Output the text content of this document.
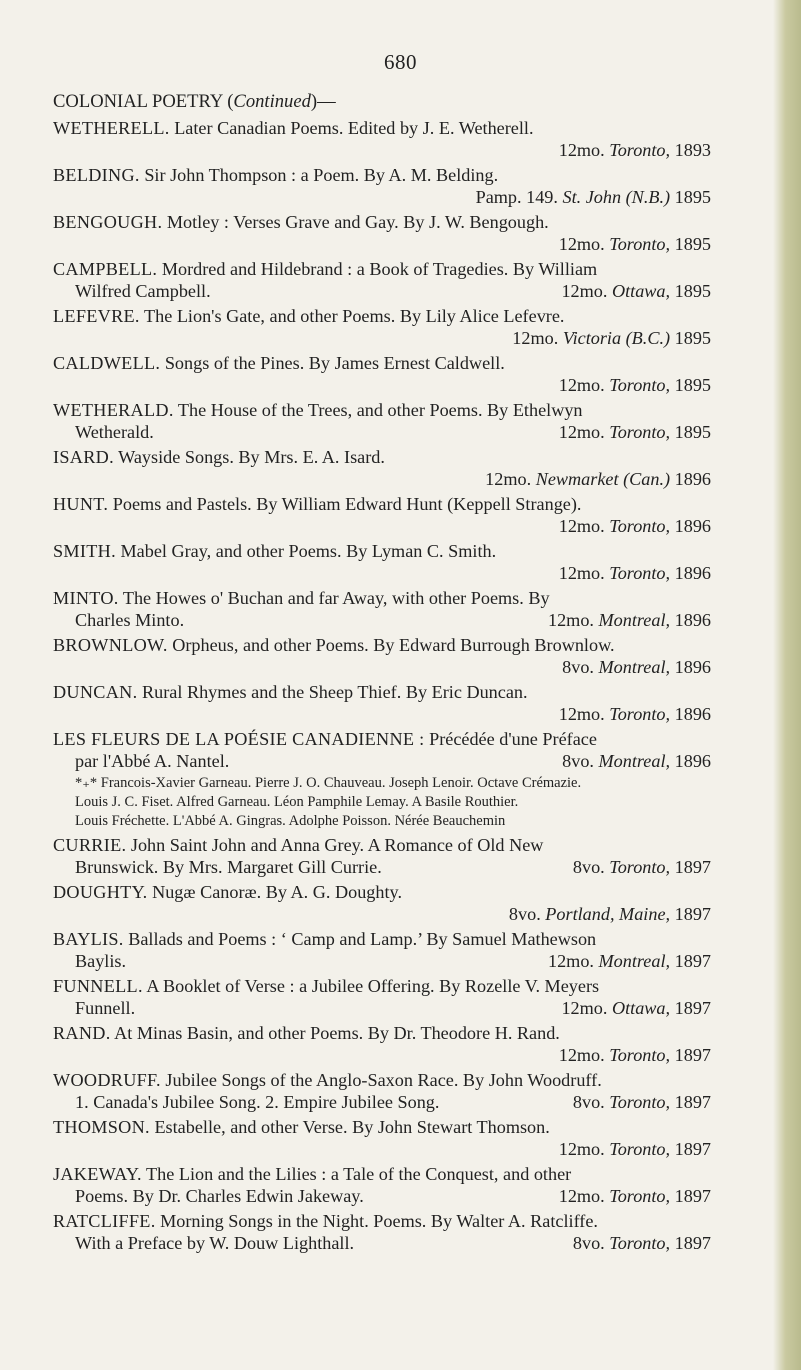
680
COLONIAL POETRY (Continued)—
WETHERELL. Later Canadian Poems. Edited by J. E. Wetherell.
12mo. Toronto, 1893
BELDING. Sir John Thompson : a Poem. By A. M. Belding.
Pamp. 149. St. John (N.B.) 1895
BENGOUGH. Motley : Verses Grave and Gay. By J. W. Bengough.
12mo. Toronto, 1895
CAMPBELL. Mordred and Hildebrand : a Book of Tragedies. By William
Wilfred Campbell.	12mo. Ottawa, 1895
LEFEVRE. The Lion's Gate, and other Poems. By Lily Alice Lefevre.
12mo. Victoria (B.C.) 1895
CALDWELL. Songs of the Pines. By James Ernest Caldwell.
12mo. Toronto, 1895
WETHERALD. The House of the Trees, and other Poems. By Ethelwyn
Wetherald.	12mo. Toronto, 1895
ISARD. Wayside Songs. By Mrs. E. A. Isard.
12mo. Newmarket (Can.) 1896
HUNT. Poems and Pastels. By William Edward Hunt (Keppell Strange).
12mo. Toronto, 1896
SMITH. Mabel Gray, and other Poems. By Lyman C. Smith.
12mo. Toronto, 1896
MINTO. The Howes o' Buchan and far Away, with other Poems. By
Charles Minto.	12mo. Montreal, 1896
BROWNLOW. Orpheus, and other Poems. By Edward Burrough Brownlow.
8vo. Montreal, 1896
DUNCAN. Rural Rhymes and the Sheep Thief. By Eric Duncan.
12mo. Toronto, 1896
LES FLEURS DE LA POÉSIE CANADIENNE : Précédée d'une Préface
par l'Abbé A. Nantel.	8vo. Montreal, 1896
*₊* Francois-Xavier Garneau. Pierre J. O. Chauveau. Joseph Lenoir. Octave Crémazie.
Louis J. C. Fiset. Alfred Garneau. Léon Pamphile Lemay. A Basile Routhier.
Louis Fréchette. L'Abbé A. Gingras. Adolphe Poisson. Nérée Beauchemin
CURRIE. John Saint John and Anna Grey. A Romance of Old New
Brunswick. By Mrs. Margaret Gill Currie.	8vo. Toronto, 1897
DOUGHTY. Nugæ Canoræ. By A. G. Doughty.
8vo. Portland, Maine, 1897
BAYLIS. Ballads and Poems : ‘ Camp and Lamp.’ By Samuel Mathewson
Baylis.	12mo. Montreal, 1897
FUNNELL. A Booklet of Verse : a Jubilee Offering. By Rozelle V. Meyers
Funnell.	12mo. Ottawa, 1897
RAND. At Minas Basin, and other Poems. By Dr. Theodore H. Rand.
12mo. Toronto, 1897
WOODRUFF. Jubilee Songs of the Anglo-Saxon Race. By John Woodruff.
1. Canada's Jubilee Song. 2. Empire Jubilee Song.	8vo. Toronto, 1897
THOMSON. Estabelle, and other Verse. By John Stewart Thomson.
12mo. Toronto, 1897
JAKEWAY. The Lion and the Lilies : a Tale of the Conquest, and other
Poems. By Dr. Charles Edwin Jakeway.	12mo. Toronto, 1897
RATCLIFFE. Morning Songs in the Night. Poems. By Walter A. Ratcliffe.
With a Preface by W. Douw Lighthall.	8vo. Toronto, 1897
